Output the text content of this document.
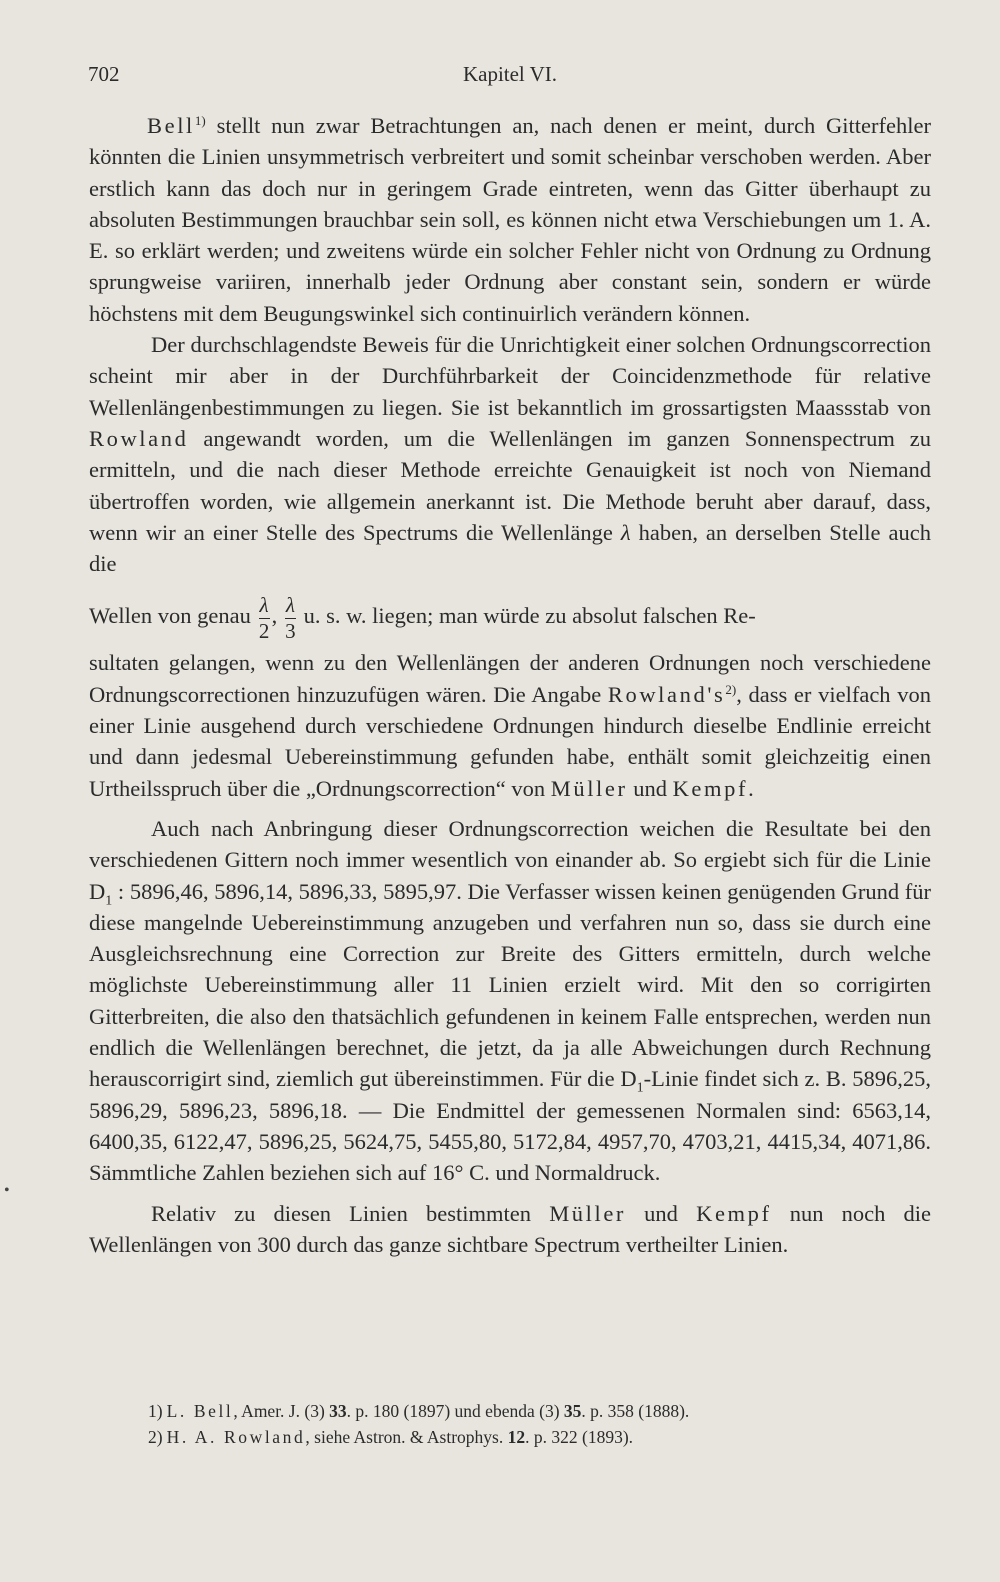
702	Kapitel VI.

Bell$^{1)}$ stellt nun zwar Betrachtungen an, nach denen er meint, durch Gitterfehler könnten die Linien unsymmetrisch verbreitert und somit scheinbar verschoben werden. Aber erstlich kann das doch nur in geringem Grade eintreten, wenn das Gitter überhaupt zu absoluten Bestimmungen brauchbar sein soll, es können nicht etwa Verschiebungen um 1. A. E. so erklärt werden; und zweitens würde ein solcher Fehler nicht von Ordnung zu Ordnung sprungweise variiren, innerhalb jeder Ordnung aber constant sein, sondern er würde höchstens mit dem Beugungswinkel sich continuirlich verändern können.

Der durchschlagendste Beweis für die Unrichtigkeit einer solchen Ordnungscorrection scheint mir aber in der Durchführbarkeit der Coincidenzmethode für relative Wellenlängenbestimmungen zu liegen. Sie ist bekanntlich im grossartigsten Maassstab von Rowland angewandt worden, um die Wellenlängen im ganzen Sonnenspectrum zu ermitteln, und die nach dieser Methode erreichte Genauigkeit ist noch von Niemand übertroffen worden, wie allgemein anerkannt ist. Die Methode beruht aber darauf, dass, wenn wir an einer Stelle des Spectrums die Wellenlänge λ haben, an derselben Stelle auch die
Wellen von genau $\frac{\lambda}{2}$ , $\frac{\lambda}{3} u$. s. w. liegen; man würde zu absolut falschen Re-
sultaten gelangen, wenn zu den Wellenlängen der anderen Ordnungen noch verschiedene Ordnungscorrectionen hinzuzufügen wären. Die Angabe Rowland's$^{2)}$, dass er vielfach von einer Linie ausgehend durch verschiedene Ordnungen hindurch dieselbe Endlinie erreicht und dann jedesmal Uebereinstimmung gefunden habe, enthält somit gleichzeitig einen Urtheilsspruch über die „Ordnungscorrection“ von Müller und Kempf.

Auch nach Anbringung dieser Ordnungscorrection weichen die Resultate bei den verschiedenen Gittern noch immer wesentlich von einander ab. So ergiebt sich für die Linie $D_1$ : 5896,46, 5896,14, 5896,33, 5895,97. Die Verfasser wissen keinen genügenden Grund für diese mangelnde Uebereinstimmung anzugeben und verfahren nun so, dass sie durch eine Ausgleichsrechnung eine Correction zur Breite des Gitters ermitteln, durch welche möglichste Uebereinstimmung aller 11 Linien erzielt wird. Mit den so corrigirten Gitterbreiten, die also den thatsächlich gefundenen in keinem Falle entsprechen, werden nun endlich die Wellenlängen berechnet, die jetzt, da ja alle Abweichungen durch Rechnung herauscorrigirt sind, ziemlich gut übereinstimmen. Für die $D_1$-Linie findet sich z. B. 5896,25, 5896,29, 5896,23, 5896,18. — Die Endmittel der gemessenen Normalen sind: 6563,14, 6400,35, 6122,47, 5896,25, 5624,75, 5455,80, 5172,84, 4957,70, 4703,21, 4415,34, 4071,86. Sämmtliche Zahlen beziehen sich auf 16° C. und Normaldruck.

Relativ zu diesen Linien bestimmten Müller und Kempf nun noch die Wellenlängen von 300 durch das ganze sichtbare Spectrum vertheilter Linien.

1) L. Bell, Amer. J. (3) 33. p. 180 (1897) und ebenda (3) 35. p. 358 (1888).
2) H. A. Rowland, siehe Astron. & Astrophys. 12. p. 322 (1893).
•
